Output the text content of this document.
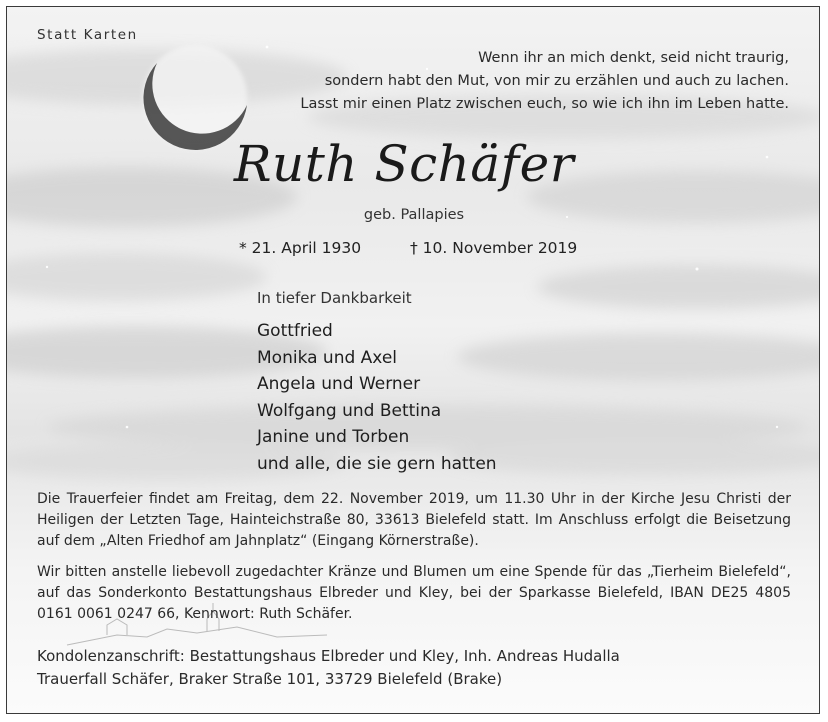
Statt Karten
Wenn ihr an mich denkt, seid nicht traurig,
sondern habt den Mut, von mir zu erzählen und auch zu lachen.
Lasst mir einen Platz zwischen euch, so wie ich ihn im Leben hatte.
Ruth Schäfer
geb. Pallapies
* 21. April 1930	† 10. November 2019
In tiefer Dankbarkeit
Gottfried
Monika und Axel
Angela und Werner
Wolfgang und Bettina
Janine und Torben
und alle, die sie gern hatten
Die Trauerfeier findet am Freitag, dem 22. November 2019, um 11.30 Uhr in der Kirche Jesu Christi der Heiligen der Letzten Tage, Hainteichstraße 80, 33613 Bielefeld statt. Im Anschluss erfolgt die Beisetzung auf dem „Alten Friedhof am Jahnplatz“ (Eingang Körnerstraße).
Wir bitten anstelle liebevoll zugedachter Kränze und Blumen um eine Spende für das „Tierheim Bielefeld“, auf das Sonderkonto Bestattungshaus Elbreder und Kley, bei der Sparkasse Bielefeld, IBAN DE25 4805 0161 0061 0247 66, Kennwort: Ruth Schäfer.
Kondolenzanschrift: Bestattungshaus Elbreder und Kley, Inh. Andreas Hudalla
Trauerfall Schäfer, Braker Straße 101, 33729 Bielefeld (Brake)
